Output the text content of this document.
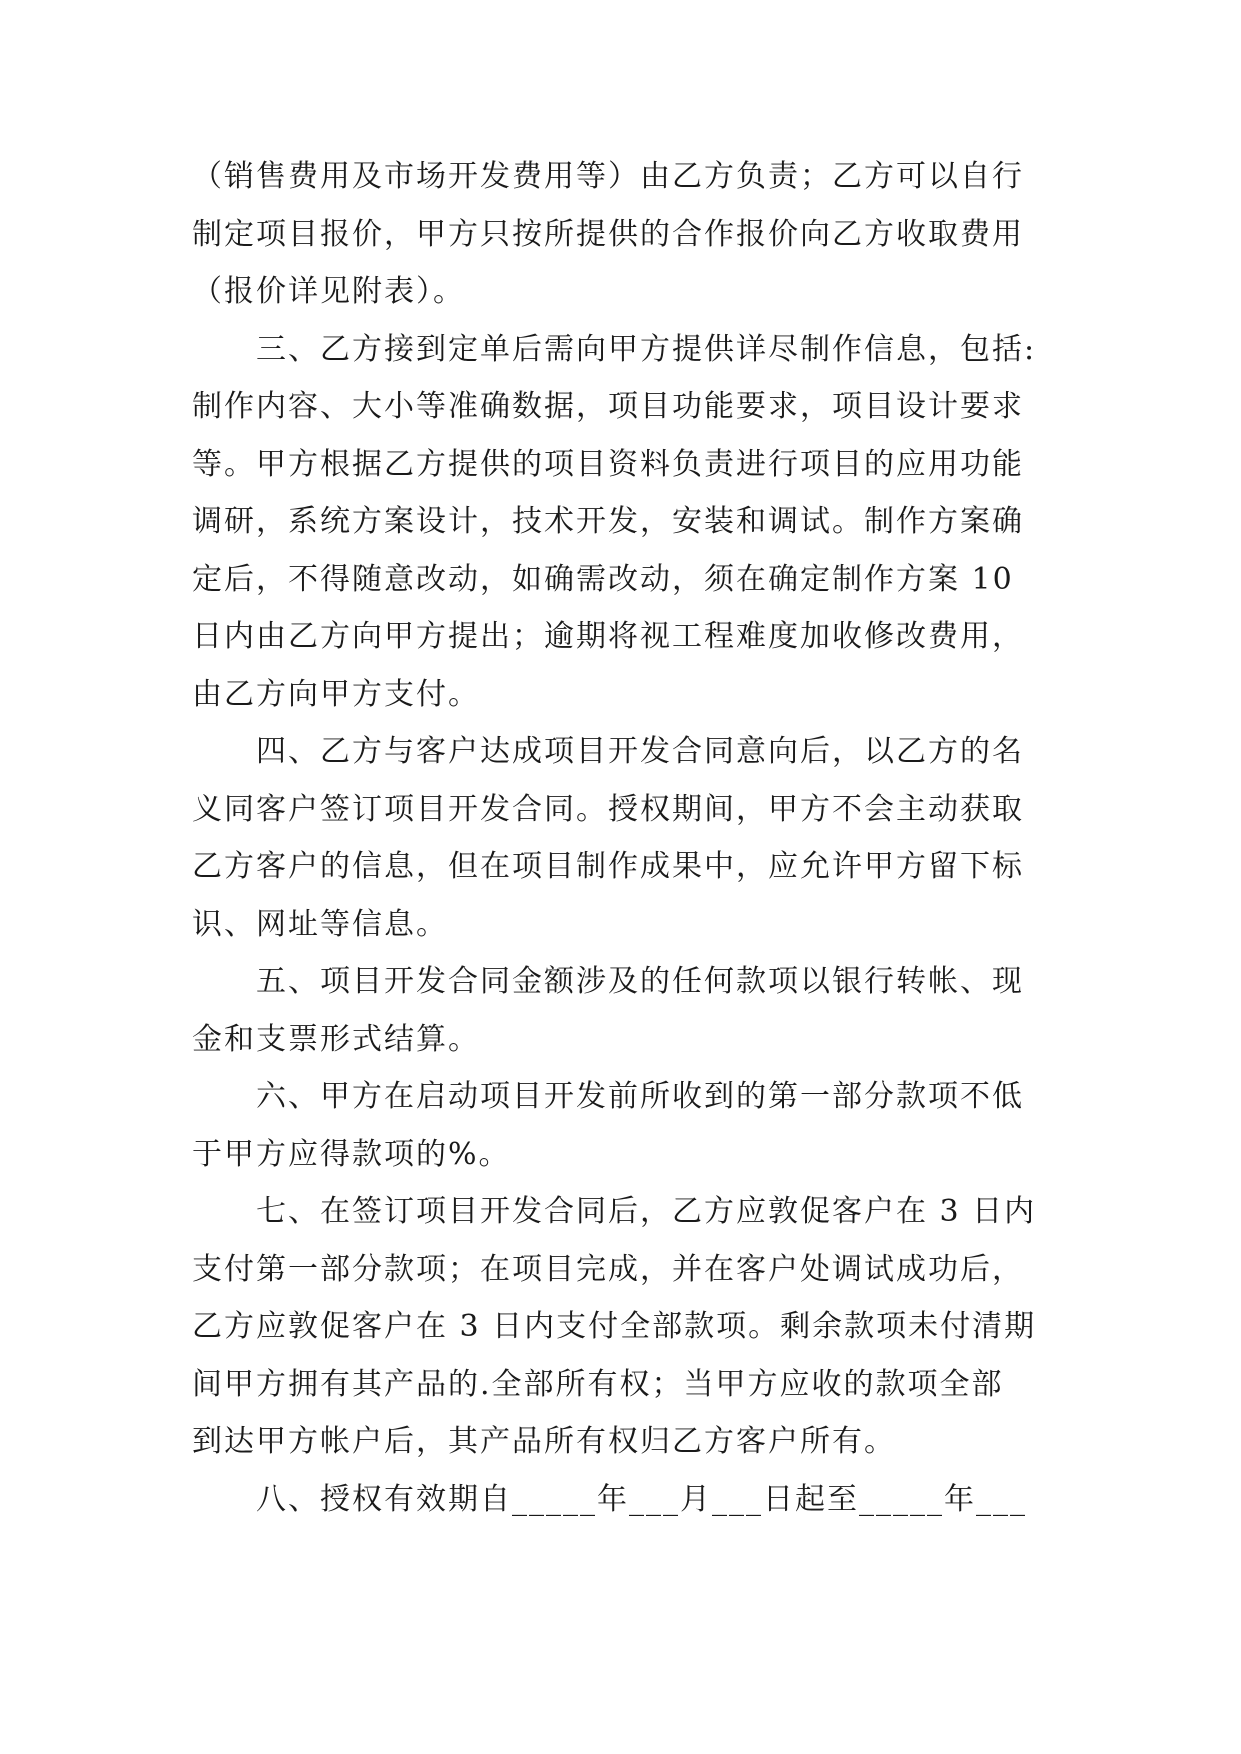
（销售费用及市场开发费用等）由乙方负责；乙方可以自行
制定项目报价，甲方只按所提供的合作报价向乙方收取费用
（报价详见附表）。
三、乙方接到定单后需向甲方提供详尽制作信息，包括:
制作内容、大小等准确数据，项目功能要求，项目设计要求
等。甲方根据乙方提供的项目资料负责进行项目的应用功能
调研，系统方案设计，技术开发，安装和调试。制作方案确
定后，不得随意改动，如确需改动，须在确定制作方案 10
日内由乙方向甲方提出；逾期将视工程难度加收修改费用，
由乙方向甲方支付。
四、乙方与客户达成项目开发合同意向后，以乙方的名
义同客户签订项目开发合同。授权期间，甲方不会主动获取
乙方客户的信息，但在项目制作成果中，应允许甲方留下标
识、网址等信息。
五、项目开发合同金额涉及的任何款项以银行转帐、现
金和支票形式结算。
六、甲方在启动项目开发前所收到的第一部分款项不低
于甲方应得款项的%。
七、在签订项目开发合同后，乙方应敦促客户在 3 日内
支付第一部分款项；在项目完成，并在客户处调试成功后，
乙方应敦促客户在 3 日内支付全部款项。剩余款项未付清期
间甲方拥有其产品的.全部所有权；当甲方应收的款项全部
到达甲方帐户后，其产品所有权归乙方客户所有。
八、授权有效期自_____年___月___日起至_____年___
